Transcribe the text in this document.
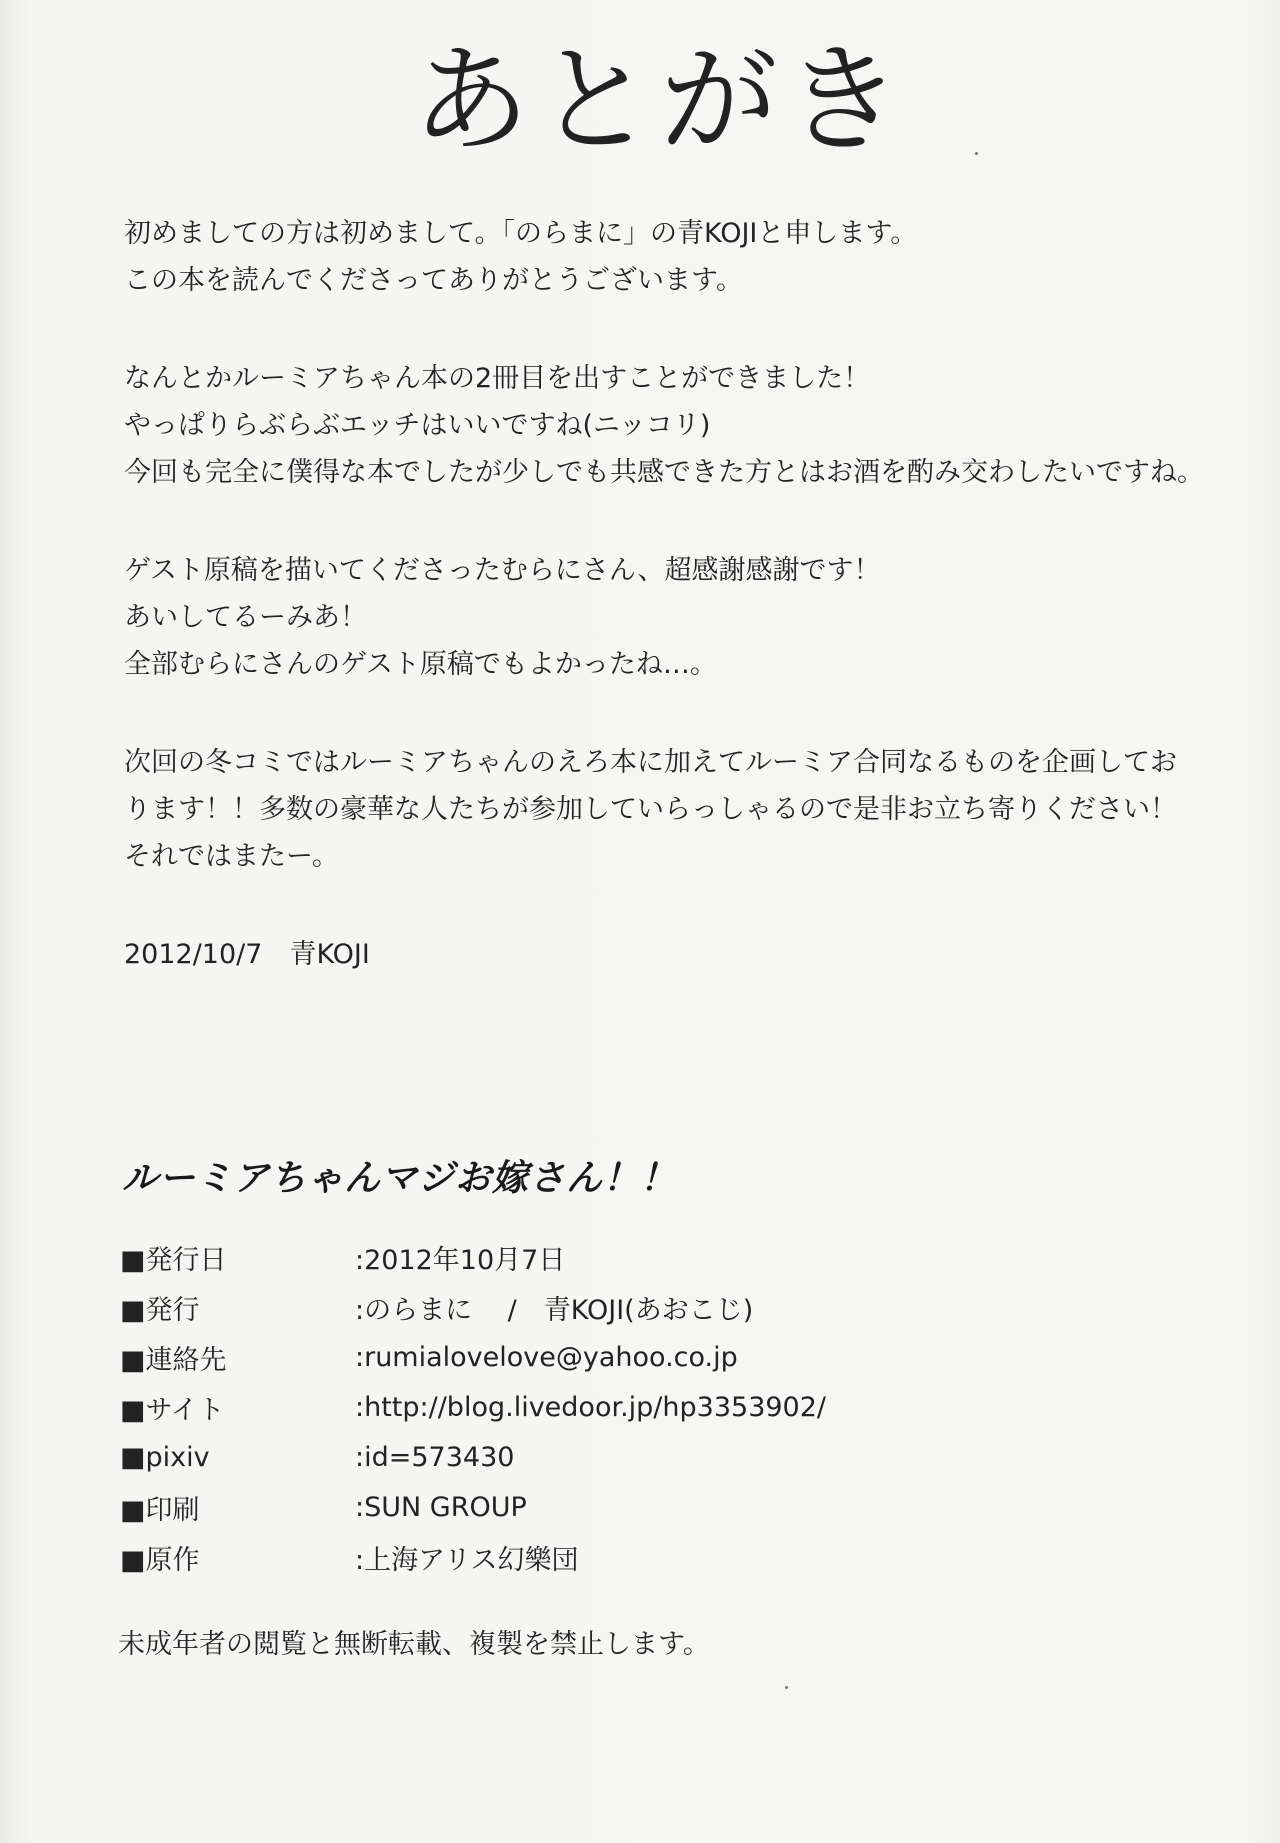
あとがき
初めましての方は初めまして。「のらまに」の青KOJIと申します。
この本を読んでくださってありがとうございます。
なんとかルーミアちゃん本の2冊目を出すことができました！
やっぱりらぶらぶエッチはいいですね(ニッコリ)
今回も完全に僕得な本でしたが少しでも共感できた方とはお酒を酌み交わしたいですね。
ゲスト原稿を描いてくださったむらにさん、超感謝感謝です！
あいしてるーみあ！
全部むらにさんのゲスト原稿でもよかったね…。
次回の冬コミではルーミアちゃんのえろ本に加えてルーミア合同なるものを企画してお
ります！！多数の豪華な人たちが参加していらっしゃるので是非お立ち寄りください！
それではまたー。
2012/10/7　青KOJI
ルーミアちゃんマジお嫁さん！！
■発行日	:2012年10月7日
■発行	:のらまに　 /　青KOJI(あおこじ)
■連絡先	:rumialovelove@yahoo.co.jp
■サイト	:http://blog.livedoor.jp/hp3353902/
■pixiv	:id=573430
■印刷	:SUN GROUP
■原作	:上海アリス幻樂団
未成年者の閲覧と無断転載、複製を禁止します。
